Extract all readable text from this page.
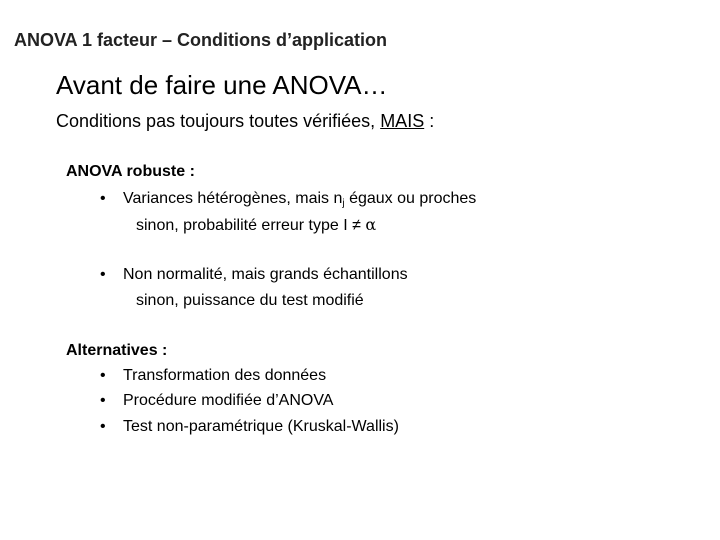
ANOVA 1 facteur – Conditions d’application
Avant de faire une ANOVA…
Conditions pas toujours toutes vérifiées, MAIS :
ANOVA robuste :
• Variances hétérogènes, mais $n_j$ égaux ou proches
sinon, probabilité erreur type I ≠ α
• Non normalité, mais grands échantillons
sinon, puissance du test modifié
Alternatives :
• Transformation des données
• Procédure modifiée d’ANOVA
• Test non-paramétrique (Kruskal-Wallis)
